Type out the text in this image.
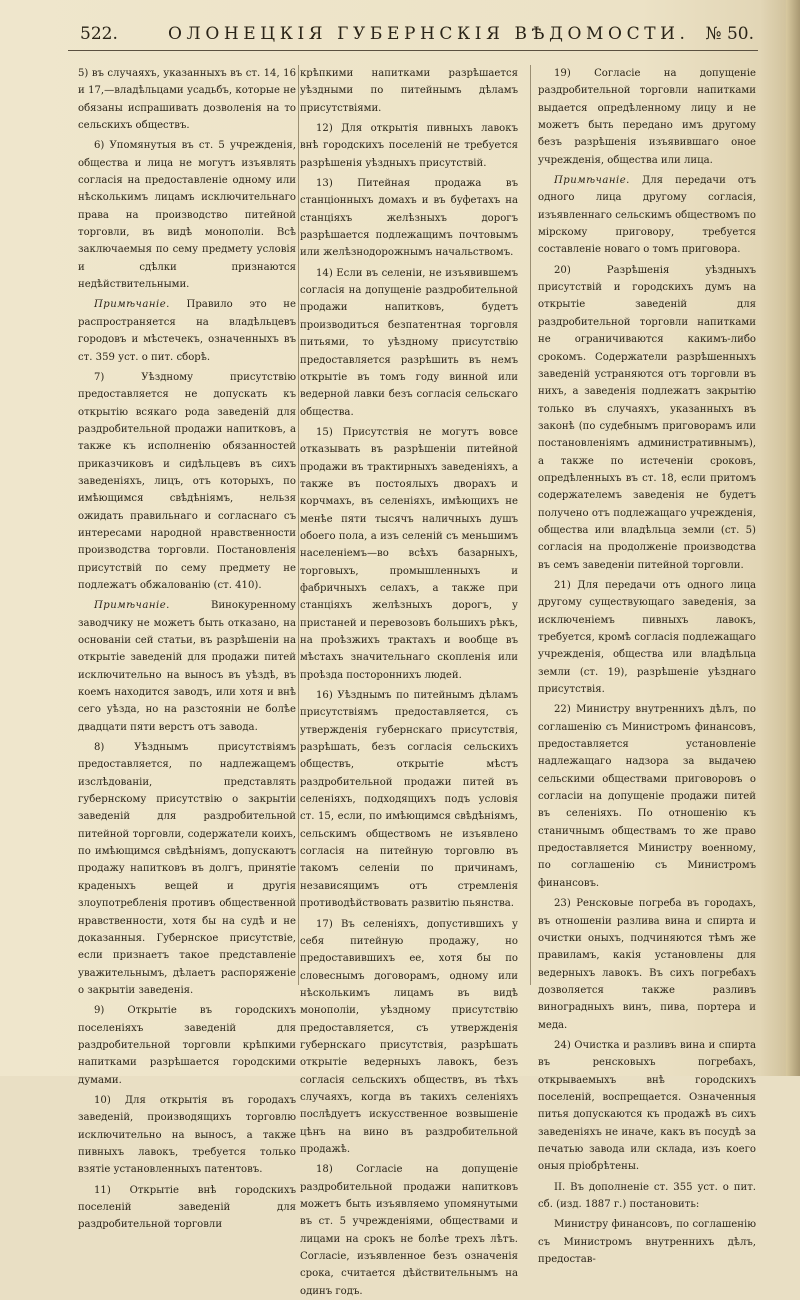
522.	ОЛОНЕЦКІЯ ГУБЕРНСКІЯ ВѢДОМОСТИ. № 50.

5) въ случаяхъ, указанныхъ въ ст. 14, 16 и 17,—владѣльцами усадьбъ, которые не обязаны испрашивать дозволенія на то сельскихъ обществъ.

6) Упомянутыя въ ст. 5 учрежденія, общества и лица не могутъ изъявлять согласія на предоставленіе одному или нѣсколькимъ лицамъ исключительнаго права на производство питейной торговли, въ видѣ монополіи. Всѣ заключаемыя по сему предмету условія и сдѣлки признаются недѣйствительными.

Примѣчаніе. Правило это не распространяется на владѣльцевъ городовъ и мѣстечекъ, означенныхъ въ ст. 359 уст. о пит. сборѣ.

7) Уѣздному присутствію предоставляется не допускать къ открытію всякаго рода заведеній для раздробительной продажи напитковъ, а также къ исполненію обязанностей приказчиковъ и сидѣльцевъ въ сихъ заведеніяхъ, лицъ, отъ которыхъ, по имѣющимся свѣдѣніямъ, нельзя ожидать правильнаго и согласнаго съ интересами народной нравственности производства торговли. Постановленія присутствій по сему предмету не подлежатъ обжалованію (ст. 410).

Примѣчаніе.	Винокуренному заводчику не можетъ быть отказано, на основаніи сей статьи, въ разрѣшеніи на открытіе заведеній для продажи питей исключительно на выносъ въ уѣздѣ, въ коемъ находится заводъ, или хотя и внѣ сего уѣзда, но на разстояніи не болѣе двадцати пяти верстъ отъ завода.

8) Уѣзднымъ присутствіямъ предоставляется, по надлежащемъ изслѣдованіи, представлять губернскому присутствію о закрытіи заведеній для раздробительной питейной торговли, содержатели коихъ, по имѣющимся свѣдѣніямъ, допускаютъ продажу напитковъ въ долгъ, принятіе краденыхъ вещей и другія злоупотребленія противъ общественной нравственности, хотя бы на судѣ и не доказанныя. Губернское присутствіе, если признаетъ такое представленіе уважительнымъ, дѣлаетъ распоряженіе о закрытіи заведенія.

9) Открытіе въ городскихъ поселеніяхъ заведеній для раздробительной торговли крѣпкими напитками разрѣшается городскими думами.

10) Для открытія въ городахъ заведеній, производящихъ торговлю исключительно на выносъ, а также пивныхъ лавокъ, требуется только взятіе установленныхъ патентовъ.

11) Открытіе внѣ городскихъ поселеній заведеній для раздробительной торговли

крѣпкими напитками разрѣшается уѣздными по питейнымъ дѣламъ присутствіями.

12) Для открытія пивныхъ лавокъ внѣ городскихъ поселеній не требуется разрѣшенія уѣздныхъ присутствій.

13) Питейная продажа въ станціонныхъ домахъ и въ буфетахъ на станціяхъ желѣзныхъ дорогъ разрѣшается подлежащимъ почтовымъ или желѣзнодорожнымъ начальствомъ.

14) Если въ селеніи, не изъявившемъ согласія на допущеніе раздробительной продажи напитковъ, будетъ производиться безпатентная торговля питьями, то уѣздному присутствію предоставляется разрѣшить въ немъ открытіе въ томъ году винной или ведерной лавки безъ согласія сельскаго общества.

15) Присутствія не могутъ вовсе отказывать въ разрѣшеніи питейной продажи въ трактирныхъ заведеніяхъ, а также въ постоялыхъ дворахъ и корчмахъ, въ селеніяхъ, имѣющихъ не менѣе пяти тысячъ наличныхъ душъ обоего пола, а изъ селеній съ меньшимъ населеніемъ—во всѣхъ базарныхъ, торговыхъ, промышленныхъ и фабричныхъ селахъ, а также при станціяхъ желѣзныхъ дорогъ, у пристаней и перевозовъ большихъ рѣкъ, на проѣзжихъ трактахъ и вообще въ мѣстахъ значительнаго скопленія или проѣзда постороннихъ людей.

16) Уѣзднымъ по питейнымъ дѣламъ присутствіямъ предоставляется, съ утвержденія губернскаго присутствія, разрѣшать, безъ согласія сельскихъ обществъ, открытіе мѣстъ раздробительной продажи питей въ селеніяхъ, подходящихъ подъ условія ст. 15, если, по имѣющимся свѣдѣніямъ, сельскимъ обществомъ не изъявлено согласія на питейную торговлю въ такомъ селеніи по причинамъ, независящимъ отъ стремленія противодѣйствовать развитію пьянства.

17) Въ селеніяхъ, допустившихъ у себя питейную продажу, но предоставившихъ ее, хотя бы по словеснымъ договорамъ, одному или нѣсколькимъ лицамъ въ видѣ монополіи, уѣздному присутствію предоставляется, съ утвержденія губернскаго присутствія, разрѣшать открытіе ведерныхъ лавокъ, безъ согласія сельскихъ обществъ, въ тѣхъ случаяхъ, когда въ такихъ селеніяхъ послѣдуетъ искусственное возвышеніе цѣнъ на вино въ раздробительной продажѣ.

18) Согласіе на допущеніе раздробительной продажи напитковъ можетъ быть изъявляемо упомянутыми въ ст. 5 учрежденіями, обществами и лицами на срокъ не болѣе трехъ лѣтъ. Согласіе, изъявленное безъ означенія срока, считается дѣйствительнымъ на одинъ годъ.

19) Согласіе на допущеніе раздробительной торговли напитками выдается опредѣленному лицу и не можетъ быть передано имъ другому безъ разрѣшенія изъявившаго оное учрежденія, общества или лица.

Примѣчаніе. Для передачи отъ одного лица другому согласія, изъявленнаго сельскимъ обществомъ по мірскому приговору, требуется составленіе новаго о томъ приговора.

20) Разрѣшенія уѣздныхъ присутствій и городскихъ думъ на открытіе заведеній для раздробительной торговли напитками не ограничиваются какимъ-либо срокомъ. Содержатели разрѣшенныхъ заведеній устраняются отъ торговли въ нихъ, а заведенія подлежатъ закрытію только въ случаяхъ, указанныхъ въ законѣ (по судебнымъ приговорамъ или постановленіямъ административнымъ), а также по истеченіи сроковъ, опредѣленныхъ въ ст. 18, если притомъ содержателемъ заведенія не будетъ получено отъ подлежащаго учрежденія, общества или владѣльца земли (ст. 5) согласія на продолженіе производства въ семъ заведеніи питейной торговли.

21) Для передачи отъ одного лица другому существующаго заведенія, за исключеніемъ пивныхъ лавокъ, требуется, кромѣ согласія подлежащаго учрежденія, общества или владѣльца земли (ст. 19), разрѣшеніе уѣзднаго присутствія.

22) Министру внутреннихъ дѣлъ, по соглашенію съ Министромъ финансовъ, предоставляется установленіе надлежащаго надзора за выдачею сельскими обществами приговоровъ о согласіи на допущеніе продажи питей въ селеніяхъ. По отношенію къ станичнымъ обществамъ то же право предоставляется Министру военному, по соглашенію съ Министромъ финансовъ.

23) Ренсковые погреба въ городахъ, въ отношеніи разлива вина и спирта и очистки оныхъ, подчиняются тѣмъ же правиламъ, какія установлены для ведерныхъ лавокъ. Въ сихъ погребахъ дозволяется также разливъ виноградныхъ винъ, пива, портера и меда.

24) Очистка и разливъ вина и спирта въ ренсковыхъ погребахъ, открываемыхъ внѣ городскихъ поселеній, воспрещается. Означенныя питья допускаются къ продажѣ въ сихъ заведеніяхъ не иначе, какъ въ посудѣ за печатью завода или склада, изъ коего оныя пріобрѣтены.

II. Въ дополненіе ст. 355 уст. о пит. сб. (изд. 1887 г.) постановить:

Министру финансовъ, по соглашенію съ Министромъ внутреннихъ дѣлъ, предостав-
